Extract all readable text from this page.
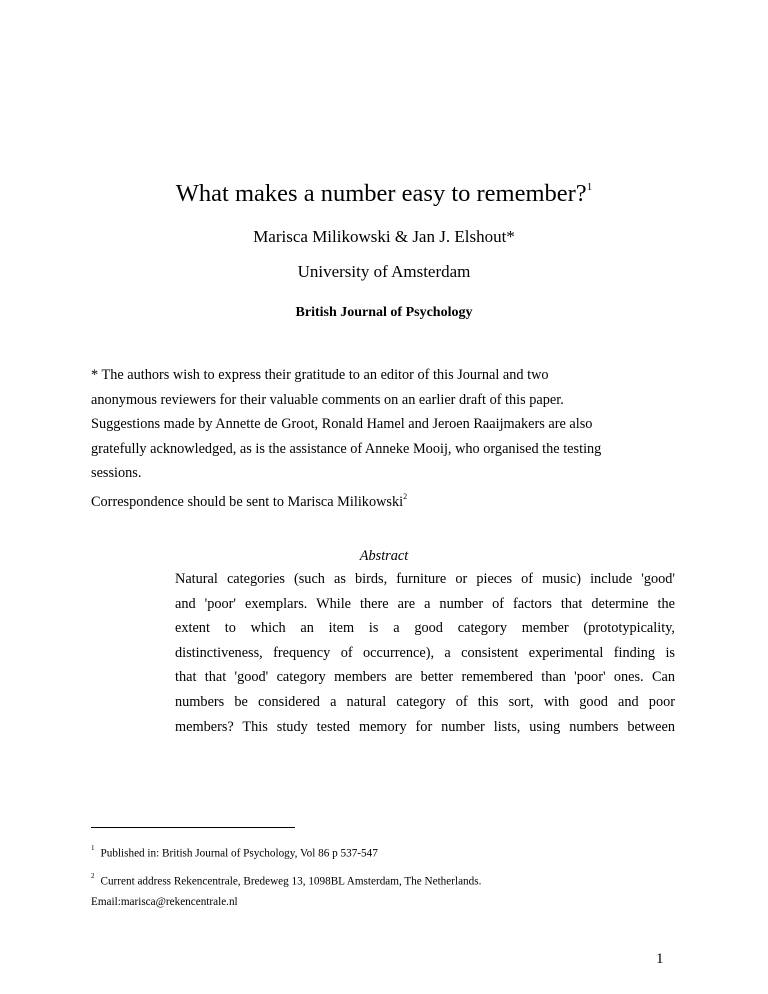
What makes a number easy to remember?$^1$
Marisca Milikowski & Jan J. Elshout*
University of Amsterdam
British Journal of Psychology

* The authors wish to express their gratitude to an editor of this Journal and two

anonymous reviewers for their valuable comments on an earlier draft of this paper.

Suggestions made by Annette de Groot, Ronald Hamel and Jeroen Raaijmakers are also

gratefully acknowledged, as is the assistance of Anneke Mooij, who organised the testing

sessions.

Correspondence should be sent to Marisca Milikowski$^2$

Abstract
Natural categories (such as birds, furniture or pieces of music) include 'good'
and 'poor' exemplars. While there are a number of factors that determine the
extent to which an item is a good category member (prototypicality,
distinctiveness, frequency of occurrence), a consistent experimental finding is
that that 'good' category members are better remembered than 'poor' ones. Can
numbers be considered a natural category of this sort, with good and poor
members? This study tested memory for number lists, using numbers between
$^1$ Published in: British Journal of Psychology, Vol 86 p 537-547
$^2$ Current address Rekencentrale, Bredeweg 13, 1098BL Amsterdam, The Netherlands.
Email:marisca@rekencentrale.nl
1
